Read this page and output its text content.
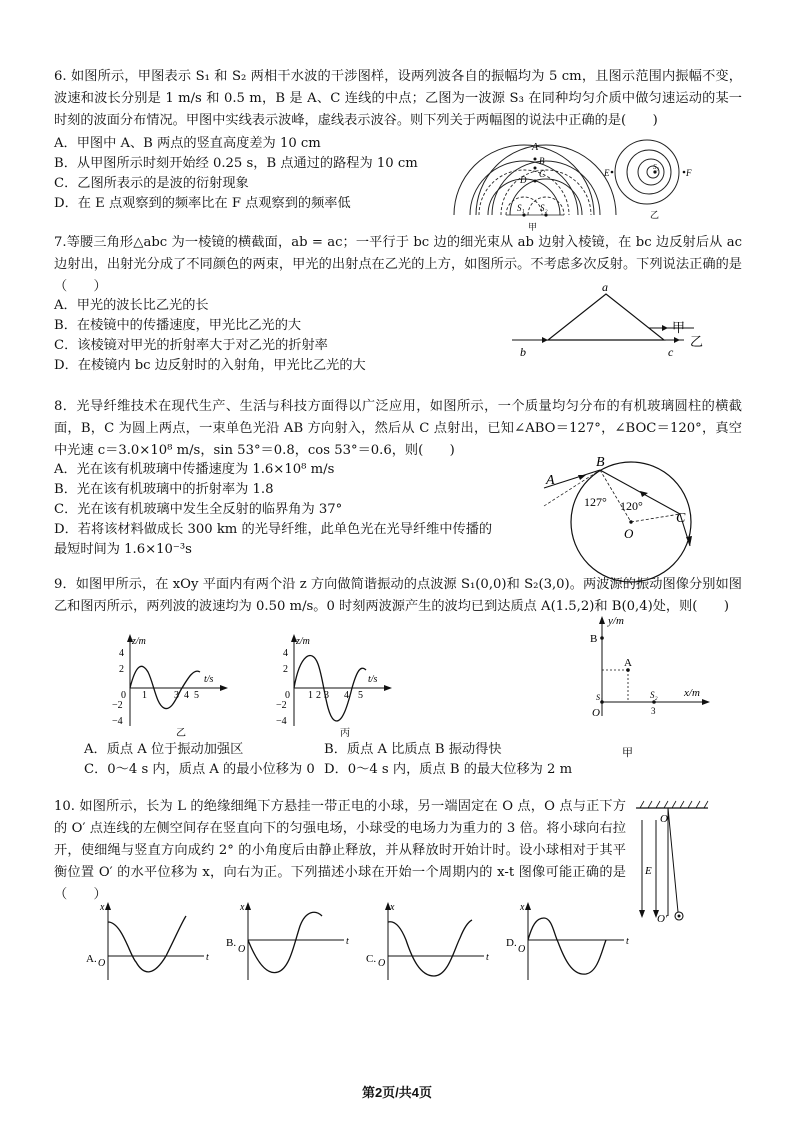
6. 如图所示，甲图表示 S₁ 和 S₂ 两相干水波的干涉图样，设两列波各自的振幅均为 5 cm，且图示范围内振幅不变，波速和波长分别是 1 m/s 和 0.5 m，B 是 A、C 连线的中点；乙图为一波源 S₃ 在同种均匀介质中做匀速运动的某一时刻的波面分布情况。甲图中实线表示波峰，虚线表示波谷。则下列关于两幅图的说法中正确的是(　　)

A．甲图中 A、B 两点的竖直高度差为 10 cm
B．从甲图所示时刻开始经 0.25 s，B 点通过的路程为 10 cm
C．乙图所表示的是波的衍射现象
D．在 E 点观察到的频率比在 F 点观察到的频率低
A
B
C
D
S₁ S₂
甲
S₃
E	F
乙

7.等腰三角形△abc 为一棱镜的横截面，ab = ac；一平行于 bc 边的细光束从 ab 边射入棱镜，在 bc 边反射后从 ac 边射出，出射光分成了不同颜色的两束，甲光的出射点在乙光的上方，如图所示。不考虑多次反射。下列说法正确的是（　　）

A．甲光的波长比乙光的长
B．在棱镜中的传播速度，甲光比乙光的大
C．该棱镜对甲光的折射率大于对乙光的折射率
D．在棱镜内 bc 边反射时的入射角，甲光比乙光的大
a
b	c
甲
乙

8．光导纤维技术在现代生产、生活与科技方面得以广泛应用，如图所示，一个质量均匀分布的有机玻璃圆柱的横截面，B，C 为圆上两点，一束单色光沿 AB 方向射入，然后从 C 点射出，已知∠ABO＝127°，∠BOC＝120°，真空中光速 c＝3.0×10⁸ m/s，sin 53°＝0.8，cos 53°＝0.6，则(　　)

A．光在该有机玻璃中传播速度为 1.6×10⁸ m/s
B．光在该有机玻璃中的折射率为 1.8
C．光在该有机玻璃中发生全反射的临界角为 37°
D．若将该材料做成长 300 km 的光导纤维，此单色光在光导纤维中传播的
最短时间为 1.6×10⁻³s
A
B
C
O
127° 120°

9．如图甲所示，在 xOy 平面内有两个沿 z 方向做简谐振动的点波源 S₁(0,0)和 S₂(3,0)。两波源的振动图像分别如图乙和图丙所示，两列波的波速均为 0.50 m/s。0 时刻两波源产生的波均已到达质点 A(1.5,2)和 B(0,4)处，则(　　)

z/m
t/s
4
2
−2
−4
0 1	3 4 5
乙
z/m
t/s
4
2
−2
−4
0 1 2 3 4 5
丙
y/m
x/m
B
A
S₁	S₂
O	3
甲
A．质点 A 位于振动加强区	B．质点 A 比质点 B 振动得快
C．0～4 s 内，质点 A 的最小位移为 0 D．0～4 s 内，质点 B 的最大位移为 2 m

10. 如图所示，长为 L 的绝缘细绳下方悬挂一带正电的小球，另一端固定在 O 点，O 点与正下方的 O′ 点连线的左侧空间存在竖直向下的匀强电场，小球受的电场力为重力的 3 倍。将小球向右拉开，使细绳与竖直方向成约 2° 的小角度后由静止释放，并从释放时开始计时。设小球相对于其平衡位置 O′ 的水平位移为 x，向右为正。下列描述小球在开始一个周期内的 x-t 图像可能正确的是（　　）

O
O′
E
A.
x
t
O
B.
x
t
O
C.
x
t
O
D.
x
t
O
第2页/共4页
